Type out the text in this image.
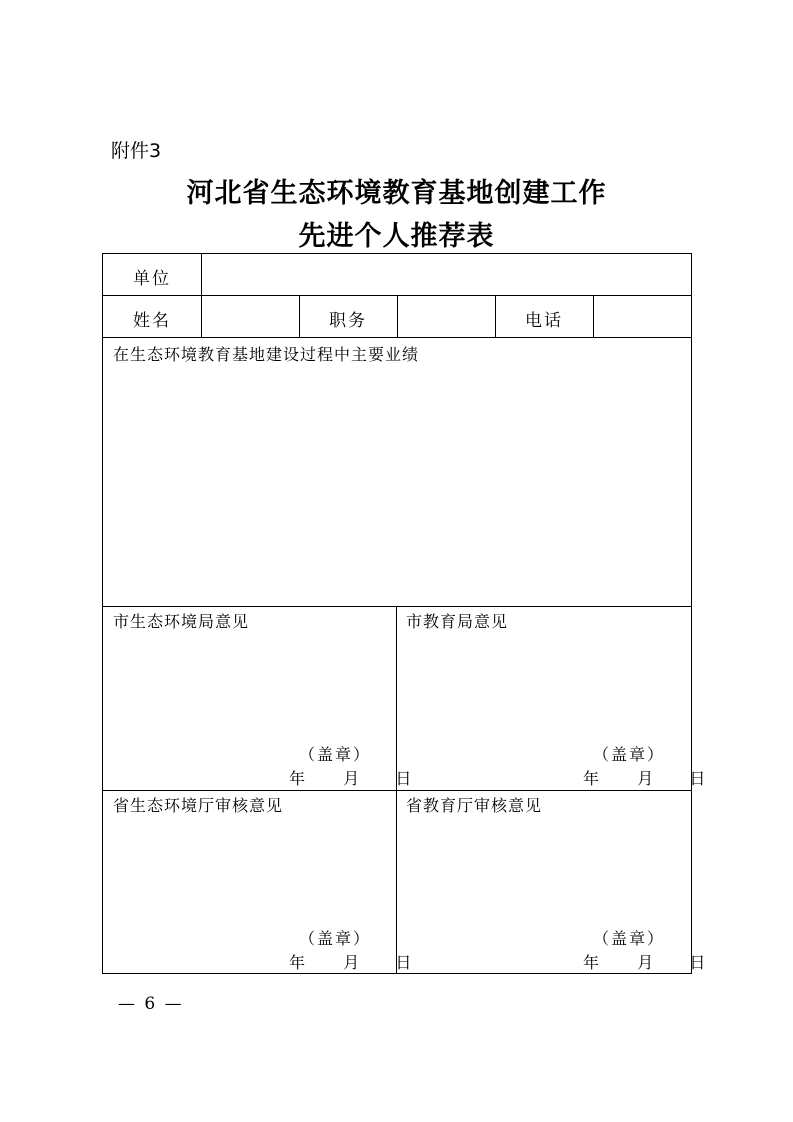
附件3
河北省生态环境教育基地创建工作
先进个人推荐表
单位
姓名	职务	电话
在生态环境教育基地建设过程中主要业绩
市生态环境局意见
（盖章）
年 月 日
市教育局意见
（盖章）
年 月 日
省生态环境厅审核意见
（盖章）
年 月 日
省教育厅审核意见
（盖章）
年 月 日
— 6 —
